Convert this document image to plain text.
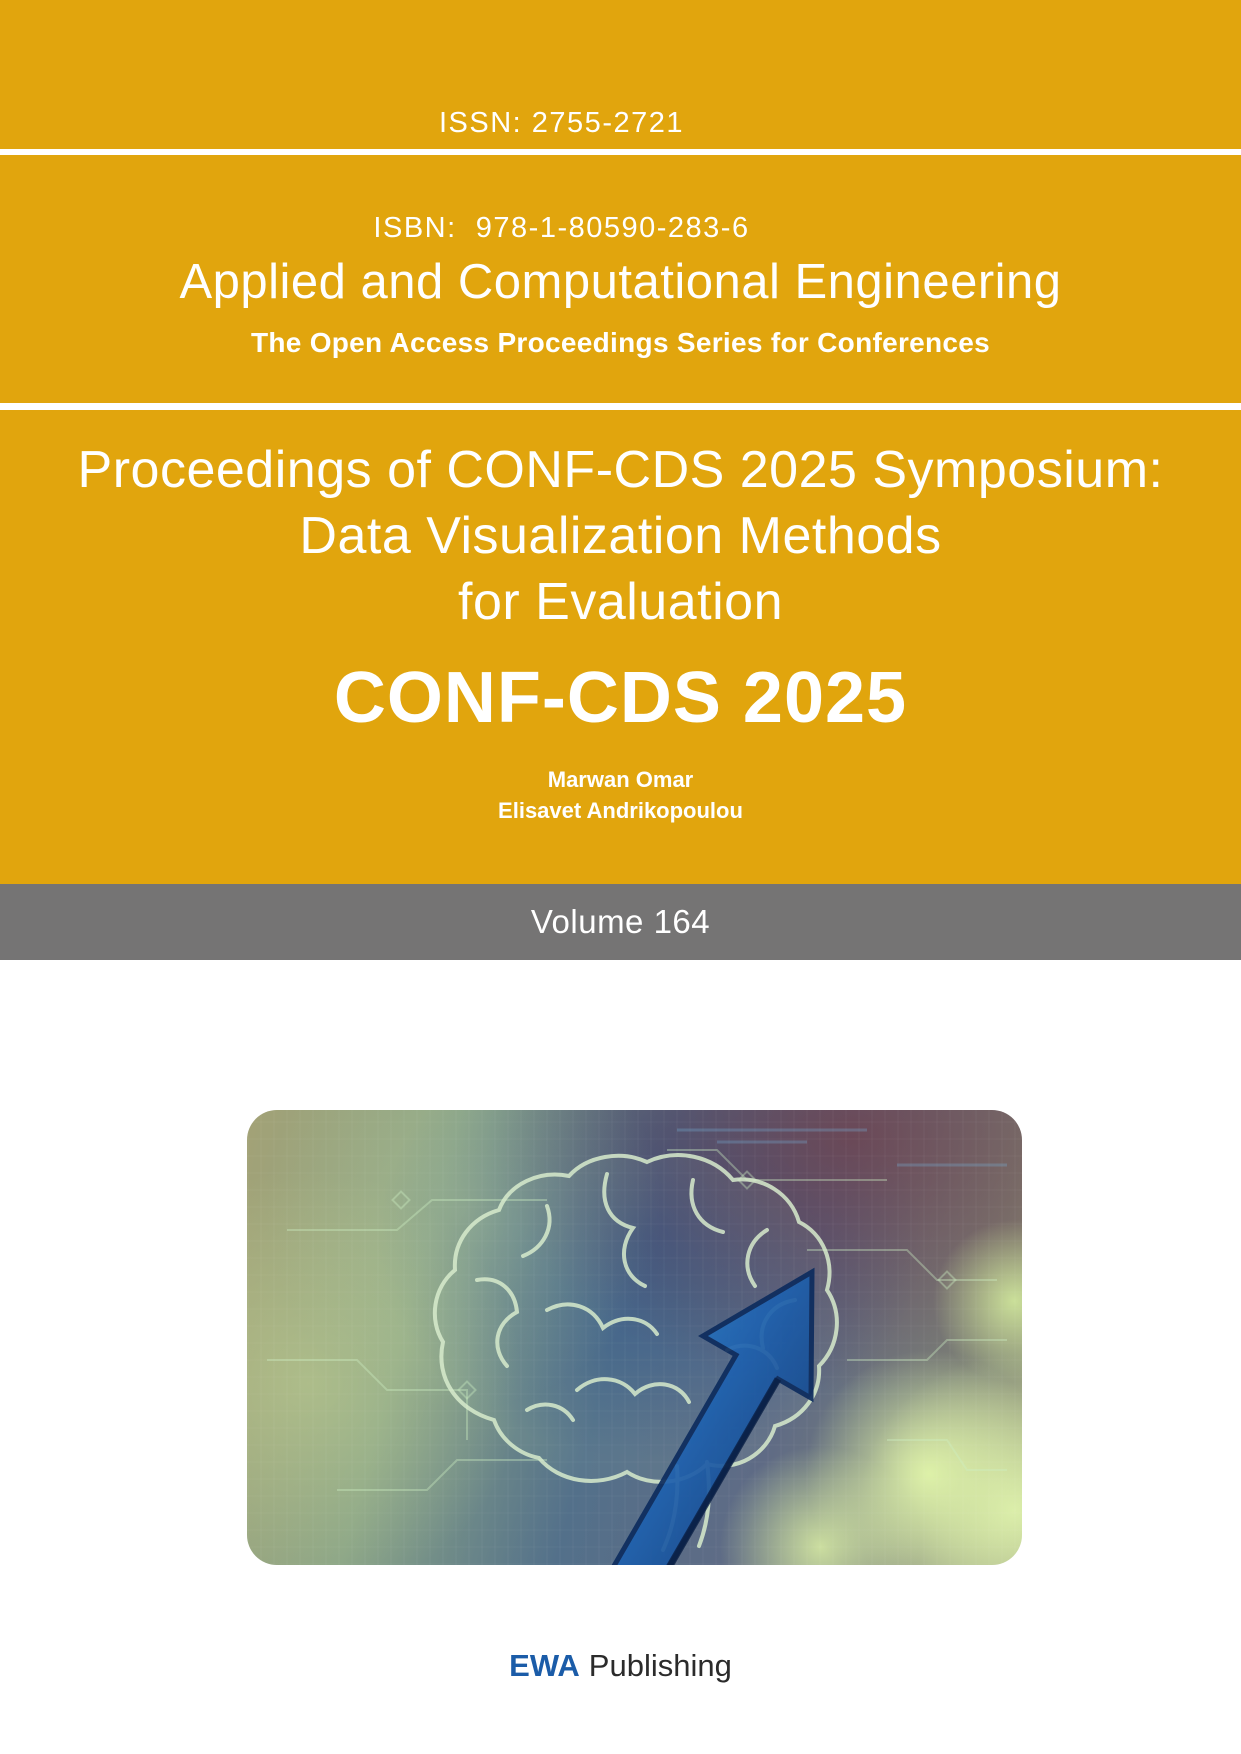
ISSN: 2755-2721

ISBN:  978-1-80590-283-6

Applied and Computational Engineering
The Open Access Proceedings Series for Conferences
Proceedings of CONF-CDS 2025 Symposium:
Data Visualization Methods
for Evaluation
CONF-CDS 2025
Marwan Omar
Elisavet Andrikopoulou
Volume 164
EWA Publishing
